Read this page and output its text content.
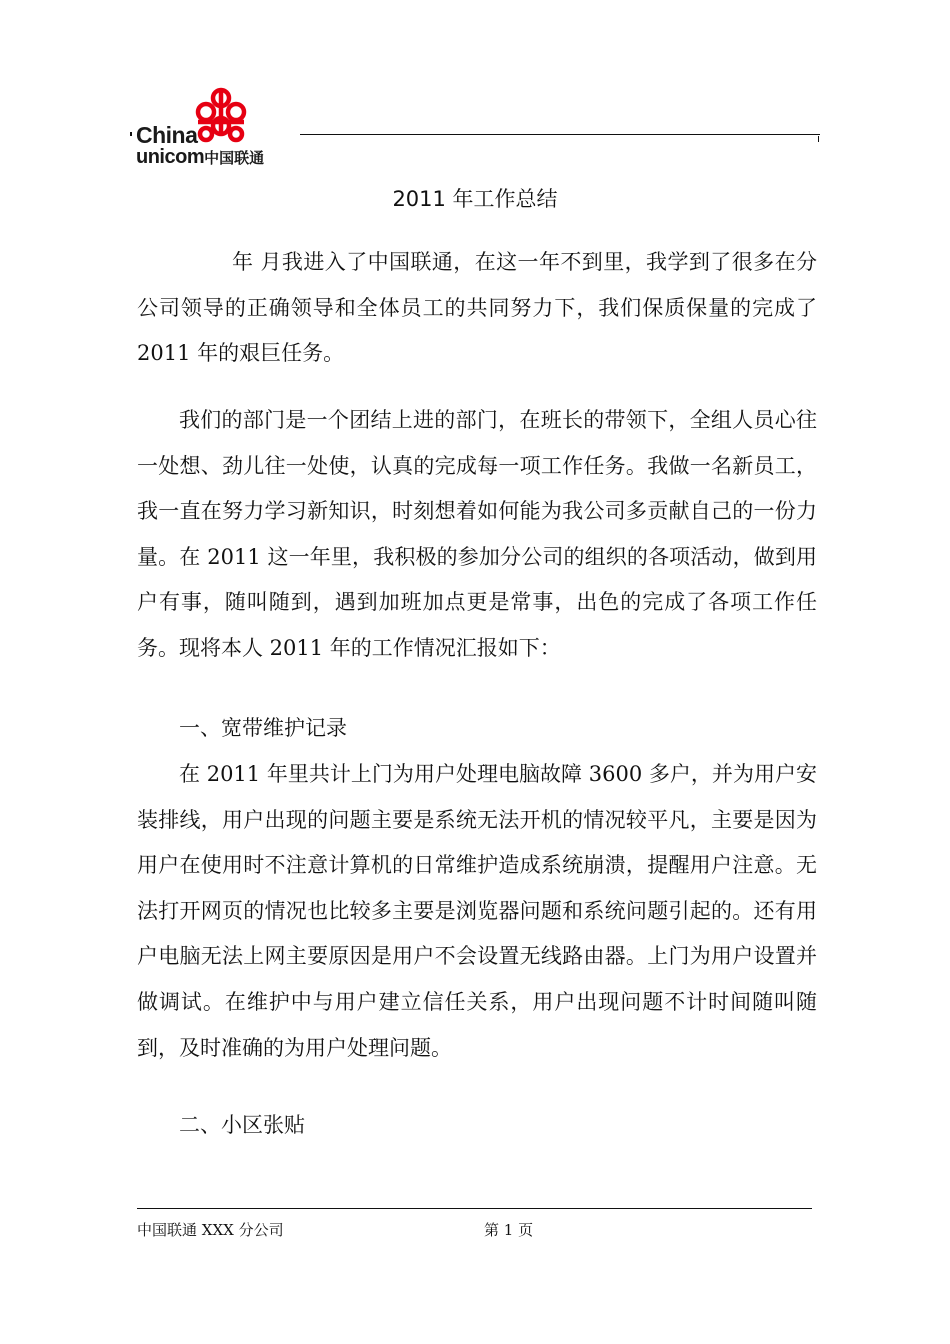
China
unicom中国联通
2011 年工作总结
年 月我进入了中国联通，在这一年不到里，我学到了很多在分公司领导的正确领导和全体员工的共同努力下，我们保质保量的完成了 2011 年的艰巨任务。
我们的部门是一个团结上进的部门，在班长的带领下，全组人员心往一处想、劲儿往一处使，认真的完成每一项工作任务。我做一名新员工，我一直在努力学习新知识，时刻想着如何能为我公司多贡献自己的一份力量。在 2011 这一年里，我积极的参加分公司的组织的各项活动，做到用户有事，随叫随到，遇到加班加点更是常事，出色的完成了各项工作任务。现将本人 2011 年的工作情况汇报如下：
一、宽带维护记录
在 2011 年里共计上门为用户处理电脑故障 3600 多户，并为用户安装排线，用户出现的问题主要是系统无法开机的情况较平凡，主要是因为用户在使用时不注意计算机的日常维护造成系统崩溃，提醒用户注意。无法打开网页的情况也比较多主要是浏览器问题和系统问题引起的。还有用户电脑无法上网主要原因是用户不会设置无线路由器。上门为用户设置并做调试。在维护中与用户建立信任关系，用户出现问题不计时间随叫随到，及时准确的为用户处理问题。
二、小区张贴
中国联通 XXX 分公司	第 1 页
